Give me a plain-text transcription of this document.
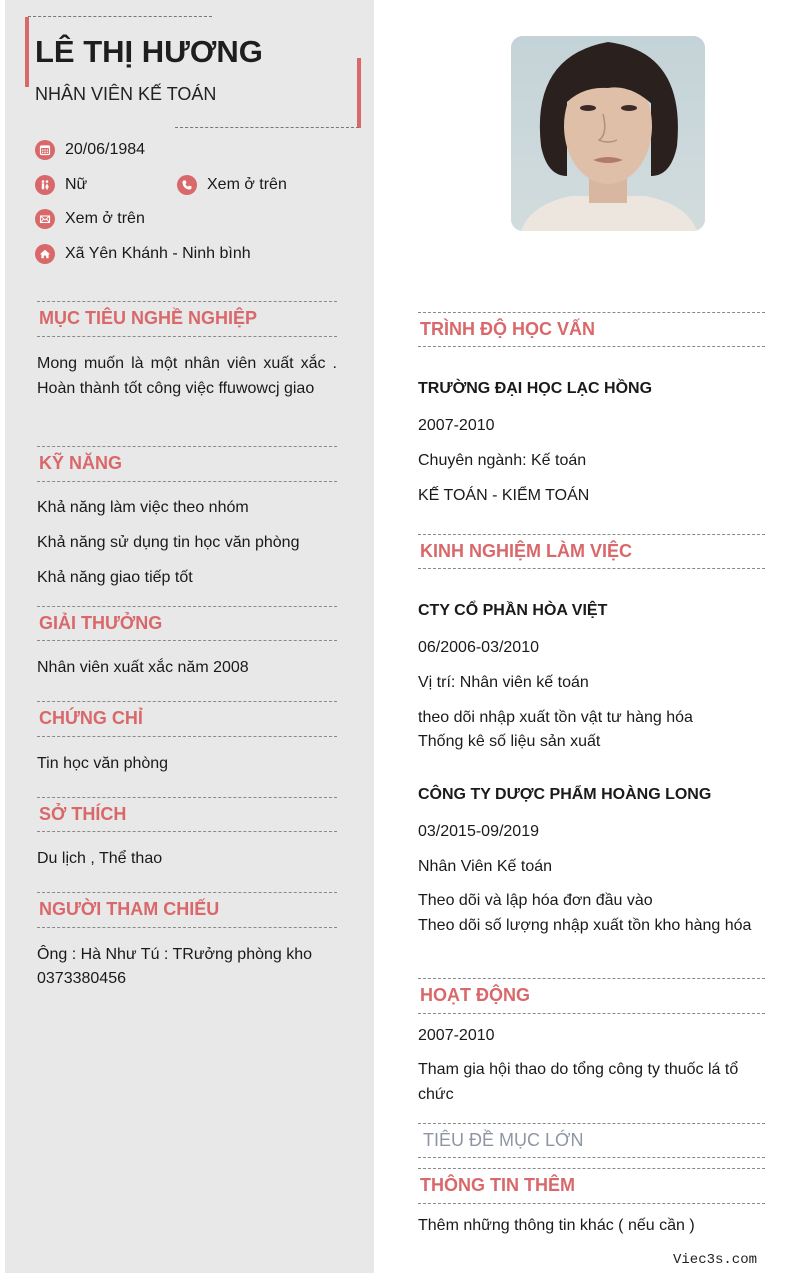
LÊ THỊ HƯƠNG
NHÂN VIÊN KẾ TOÁN
20/06/1984
Nữ	Xem ở trên
Xem ở trên
Xã Yên Khánh - Ninh bình
MỤC TIÊU NGHỀ NGHIỆP
Mong muốn là một nhân viên xuất xắc . Hoàn thành tốt công việc ffuwowcj giao
KỸ NĂNG
Khả năng làm việc theo nhóm
Khả năng sử dụng tin học văn phòng
Khả năng giao tiếp tốt
GIẢI THƯỞNG
Nhân viên xuất xắc năm 2008
CHỨNG CHỈ
Tin học văn phòng
SỞ THÍCH
Du lịch , Thể thao
NGƯỜI THAM CHIẾU
Ông : Hà Như Tú : TRưởng phòng kho
0373380456
TRÌNH ĐỘ HỌC VẤN
TRƯỜNG ĐẠI HỌC LẠC HỒNG
2007-2010
Chuyên ngành: Kế toán
KẾ TOÁN - KIỂM TOÁN
KINH NGHIỆM LÀM VIỆC
CTY CỔ PHẦN HÒA VIỆT
06/2006-03/2010
Vị trí: Nhân viên kế toán
theo dõi nhập xuất tồn vật tư hàng hóa
Thống kê số liệu sản xuất
CÔNG TY DƯỢC PHẨM HOÀNG LONG
03/2015-09/2019
Nhân Viên Kế toán
Theo dõi và lập hóa đơn đầu vào
Theo dõi số lượng nhập xuất tồn kho hàng hóa
HOẠT ĐỘNG
2007-2010
Tham gia hội thao do tổng công ty thuốc lá tổ chức
TIÊU ĐỀ MỤC LỚN
THÔNG TIN THÊM
Thêm những thông tin khác ( nếu cần )
Viec3s.com
